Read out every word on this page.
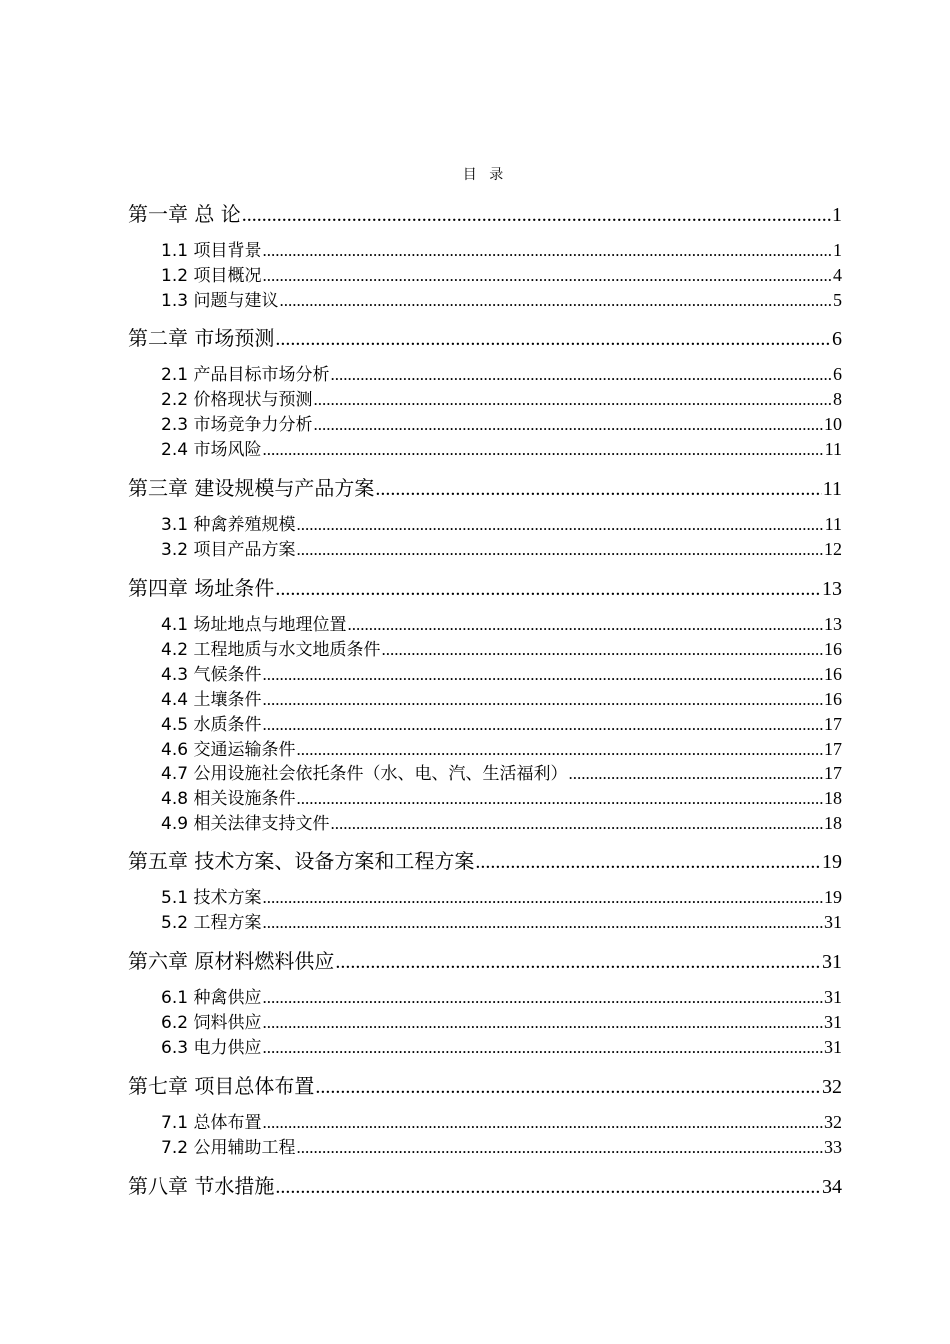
目 录
第一章 总 论 .....	1
1.1 项目背景 .....	1
1.2 项目概况 .....	4
1.3 问题与建议 .....	5
第二章 市场预测 .....	6
2.1 产品目标市场分析 .....	6
2.2 价格现状与预测 .....	8
2.3 市场竞争力分析 .....	10
2.4 市场风险 .....	11
第三章 建设规模与产品方案 .....	11
3.1 种禽养殖规模 .....	11
3.2 项目产品方案 .....	12
第四章 场址条件 .....	13
4.1 场址地点与地理位置 .....	13
4.2 工程地质与水文地质条件 .....	16
4.3 气候条件 .....	16
4.4 土壤条件 .....	16
4.5 水质条件 .....	17
4.6 交通运输条件 .....	17
4.7 公用设施社会依托条件（水、电、汽、生活福利） .....	17
4.8 相关设施条件 .....	18
4.9 相关法律支持文件 .....	18
第五章 技术方案、设备方案和工程方案 .....	19
5.1 技术方案 .....	19
5.2 工程方案 .....	31
第六章 原材料燃料供应 .....	31
6.1 种禽供应 .....	31
6.2 饲料供应 .....	31
6.3 电力供应 .....	31
第七章 项目总体布置 .....	32
7.1 总体布置 .....	32
7.2 公用辅助工程 .....	33
第八章 节水措施 .....	34
